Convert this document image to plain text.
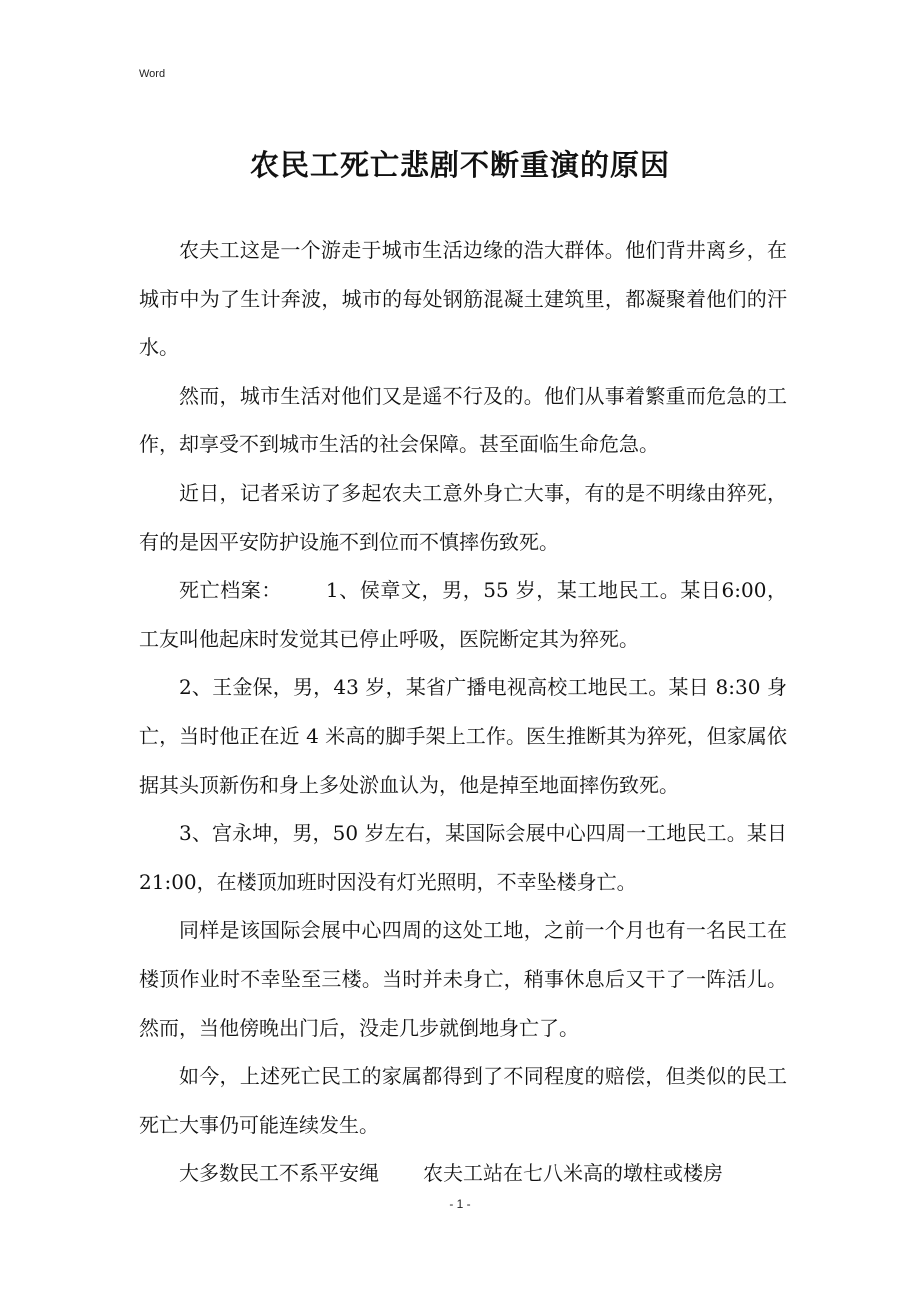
Word
农民工死亡悲剧不断重演的原因

农夫工这是一个游走于城市生活边缘的浩大群体。他们背井离乡，在城市中为了生计奔波，城市的每处钢筋混凝土建筑里，都凝聚着他们的汗水。

然而，城市生活对他们又是遥不行及的。他们从事着繁重而危急的工作，却享受不到城市生活的社会保障。甚至面临生命危急。

近日，记者采访了多起农夫工意外身亡大事，有的是不明缘由猝死，有的是因平安防护设施不到位而不慎摔伤致死。

死亡档案： 1、侯章文，男，55 岁，某工地民工。某日6:00，工友叫他起床时发觉其已停止呼吸，医院断定其为猝死。

2、王金保，男，43 岁，某省广播电视高校工地民工。某日 8:30 身亡，当时他正在近 4 米高的脚手架上工作。医生推断其为猝死，但家属依据其头顶新伤和身上多处淤血认为，他是掉至地面摔伤致死。

3、宫永坤，男，50 岁左右，某国际会展中心四周一工地民工。某日 21:00，在楼顶加班时因没有灯光照明，不幸坠楼身亡。

同样是该国际会展中心四周的这处工地，之前一个月也有一名民工在楼顶作业时不幸坠至三楼。当时并未身亡，稍事休息后又干了一阵活儿。然而，当他傍晚出门后，没走几步就倒地身亡了。

如今，上述死亡民工的家属都得到了不同程度的赔偿，但类似的民工死亡大事仍可能连续发生。

大多数民工不系平安绳 农夫工站在七八米高的墩柱或楼房

- 1 -
